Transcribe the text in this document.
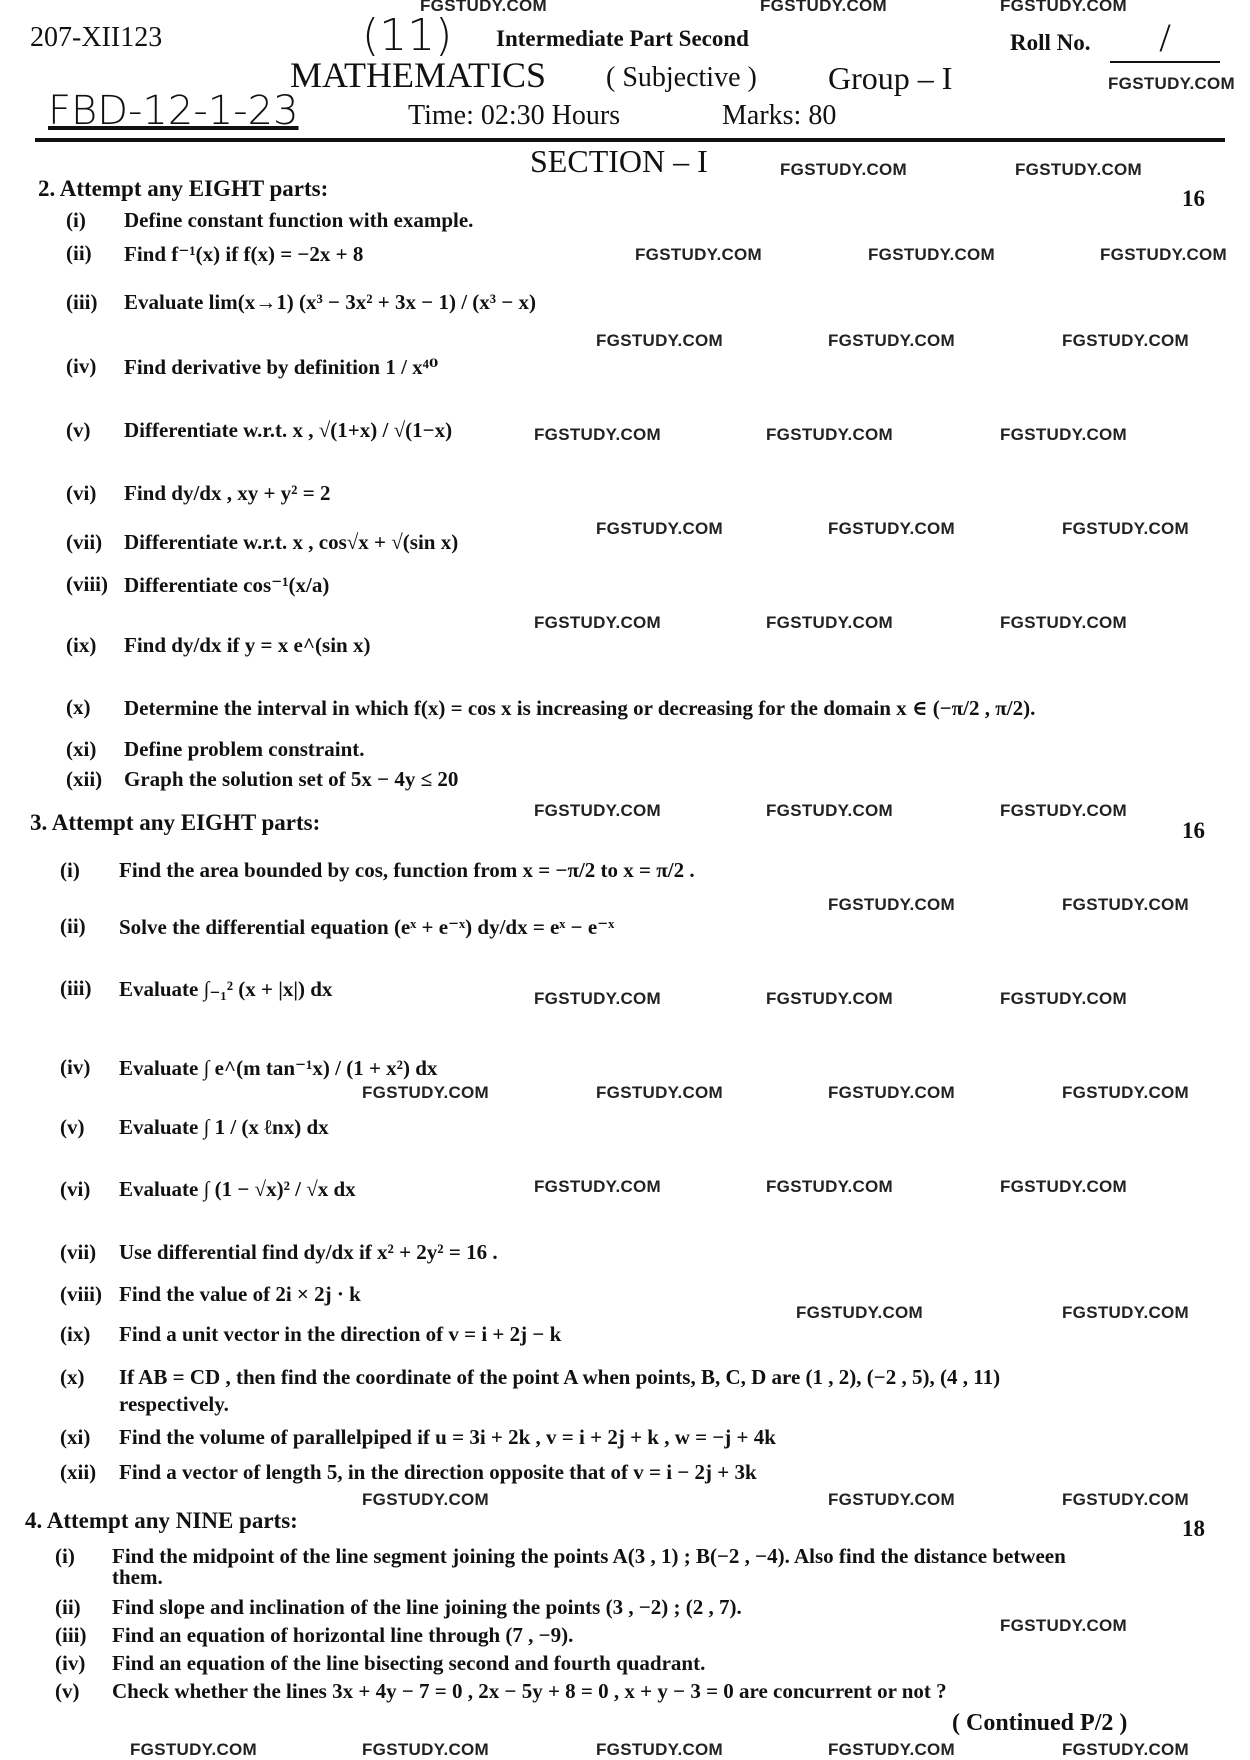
FGSTUDY.COM	FGSTUDY.COM	FGSTUDY.COM
FGSTUDY.COM
FGSTUDY.COM	FGSTUDY.COM
FGSTUDY.COM	FGSTUDY.COM	FGSTUDY.COM
FGSTUDY.COM	FGSTUDY.COM	FGSTUDY.COM
FGSTUDY.COM	FGSTUDY.COM	FGSTUDY.COM
FGSTUDY.COM	FGSTUDY.COM	FGSTUDY.COM
FGSTUDY.COM	FGSTUDY.COM	FGSTUDY.COM
FGSTUDY.COM	FGSTUDY.COM	FGSTUDY.COM
FGSTUDY.COM	FGSTUDY.COM
FGSTUDY.COM	FGSTUDY.COM	FGSTUDY.COM
FGSTUDY.COM	FGSTUDY.COM	FGSTUDY.COM	FGSTUDY.COM
FGSTUDY.COM	FGSTUDY.COM	FGSTUDY.COM
FGSTUDY.COM	FGSTUDY.COM
FGSTUDY.COM	FGSTUDY.COM	FGSTUDY.COM
FGSTUDY.COM
FGSTUDY.COM	FGSTUDY.COM	FGSTUDY.COM	FGSTUDY.COM	FGSTUDY.COM
207-XII123	(11) Intermediate Part Second	Roll No.	/
MATHEMATICS ( Subjective ) Group – I
FBD-12-1-23	Time: 02:30 Hours	Marks: 80
SECTION – I
2. Attempt any EIGHT parts:	16
3. Attempt any EIGHT parts:	16
4. Attempt any NINE parts:	18
( Continued P/2 )
(i)	Define constant function with example.
(ii)	Find f⁻¹(x) if f(x) = −2x + 8
(iii)	Evaluate lim(x→1) (x³ − 3x² + 3x − 1) / (x³ − x)
(iv)	Find derivative by definition 1 / x⁴⁰
(v)	Differentiate w.r.t. x , √(1+x) / √(1−x)
(vi)	Find dy/dx , xy + y² = 2
(vii)	Differentiate w.r.t. x , cos√x + √(sin x)
(viii) Differentiate cos⁻¹(x/a)
(ix)	Find dy/dx if y = x e^(sin x)
(x)	Determine the interval in which f(x) = cos x is increasing or decreasing for the domain x ∈ (−π/2 , π/2).
(xi)	Define problem constraint.
(xii)	Graph the solution set of 5x − 4y ≤ 20
(i)	Find the area bounded by cos, function from x = −π/2 to x = π/2 .
(ii)	Solve the differential equation (eˣ + e⁻ˣ) dy/dx = eˣ − e⁻ˣ
(iii)	Evaluate ∫₋₁² (x + |x|) dx
(iv)	Evaluate ∫ e^(m tan⁻¹x) / (1 + x²) dx
(v)	Evaluate ∫ 1 / (x ℓnx) dx
(vi)	Evaluate ∫ (1 − √x)² / √x dx
(vii)	Use differential find dy/dx if x² + 2y² = 16 .
(viii) Find the value of 2i × 2j · k
(ix)	Find a unit vector in the direction of v = i + 2j − k
(x)	If AB = CD , then find the coordinate of the point A when points, B, C, D are (1 , 2), (−2 , 5), (4 , 11)
respectively.
(xi)	Find the volume of parallelpiped if u = 3i + 2k , v = i + 2j + k , w = −j + 4k
(xii)	Find a vector of length 5, in the direction opposite that of v = i − 2j + 3k
(i)	Find the midpoint of the line segment joining the points A(3 , 1) ; B(−2 , −4). Also find the distance between
them.
(ii)	Find slope and inclination of the line joining the points (3 , −2) ; (2 , 7).
(iii)	Find an equation of horizontal line through (7 , −9).
(iv)	Find an equation of the line bisecting second and fourth quadrant.
(v)	Check whether the lines 3x + 4y − 7 = 0 , 2x − 5y + 8 = 0 , x + y − 3 = 0 are concurrent or not ?
